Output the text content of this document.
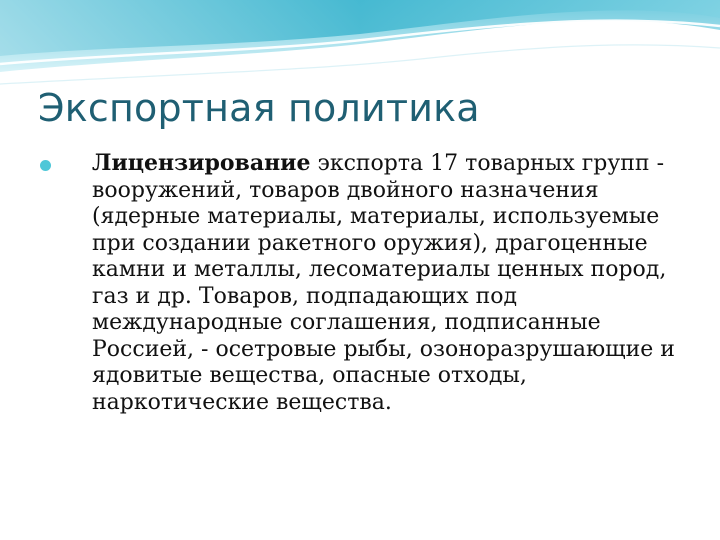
Экспортная политика
Лицензирование экспорта 17 товарных групп - вооружений, товаров двойного назначения (ядерные материалы, материалы, используемые при создании ракетного оружия), драгоценные камни и металлы, лесоматериалы ценных пород, газ и др. Товаров, подпадающих под международные соглашения, подписанные Россией, - осетровые рыбы, озоноразрушающие и ядовитые вещества, опасные отходы, наркотические вещества.
